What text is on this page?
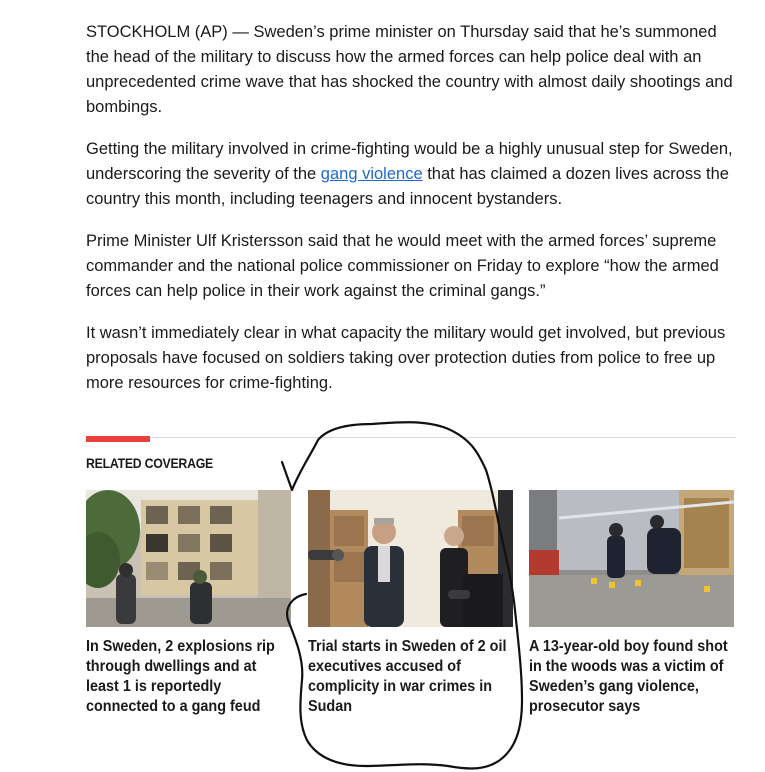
STOCKHOLM (AP) — Sweden’s prime minister on Thursday said that he’s summoned the head of the military to discuss how the armed forces can help police deal with an unprecedented crime wave that has shocked the country with almost daily shootings and bombings.

Getting the military involved in crime-fighting would be a highly unusual step for Sweden, underscoring the severity of the gang violence that has claimed a dozen lives across the country this month, including teenagers and innocent bystanders.

Prime Minister Ulf Kristersson said that he would meet with the armed forces’ supreme commander and the national police commissioner on Friday to explore “how the armed forces can help police in their work against the criminal gangs.”

It wasn’t immediately clear in what capacity the military would get involved, but previous proposals have focused on soldiers taking over protection duties from police to free up more resources for crime-fighting.

RELATED COVERAGE
In Sweden, 2 explosions rip through dwellings and at least 1 is reportedly connected to a gang feud
Trial starts in Sweden of 2 oil executives accused of complicity in war crimes in Sudan
A 13-year-old boy found shot in the woods was a victim of Sweden’s gang violence, prosecutor says
